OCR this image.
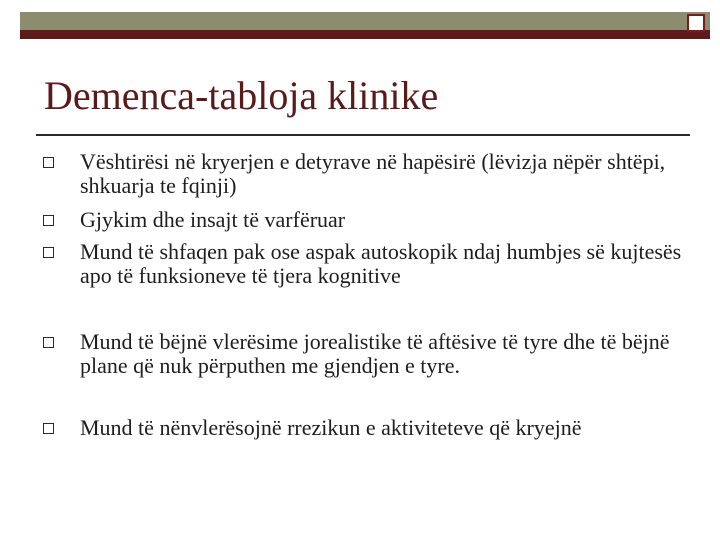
Demenca-tabloja klinike
Vështirësi në kryerjen e detyrave në hapësirë (lëvizja nëpër shtëpi, shkuarja te fqinji)
Gjykim dhe insajt të varfëruar
Mund të shfaqen pak ose aspak autoskopik ndaj humbjes së kujtesës apo të funksioneve të tjera kognitive
Mund të bëjnë vlerësime jorealistike të aftësive të tyre dhe të bëjnë plane që nuk përputhen me gjendjen e tyre.
Mund të nënvlerësojnë rrezikun e aktiviteteve që kryejnë
